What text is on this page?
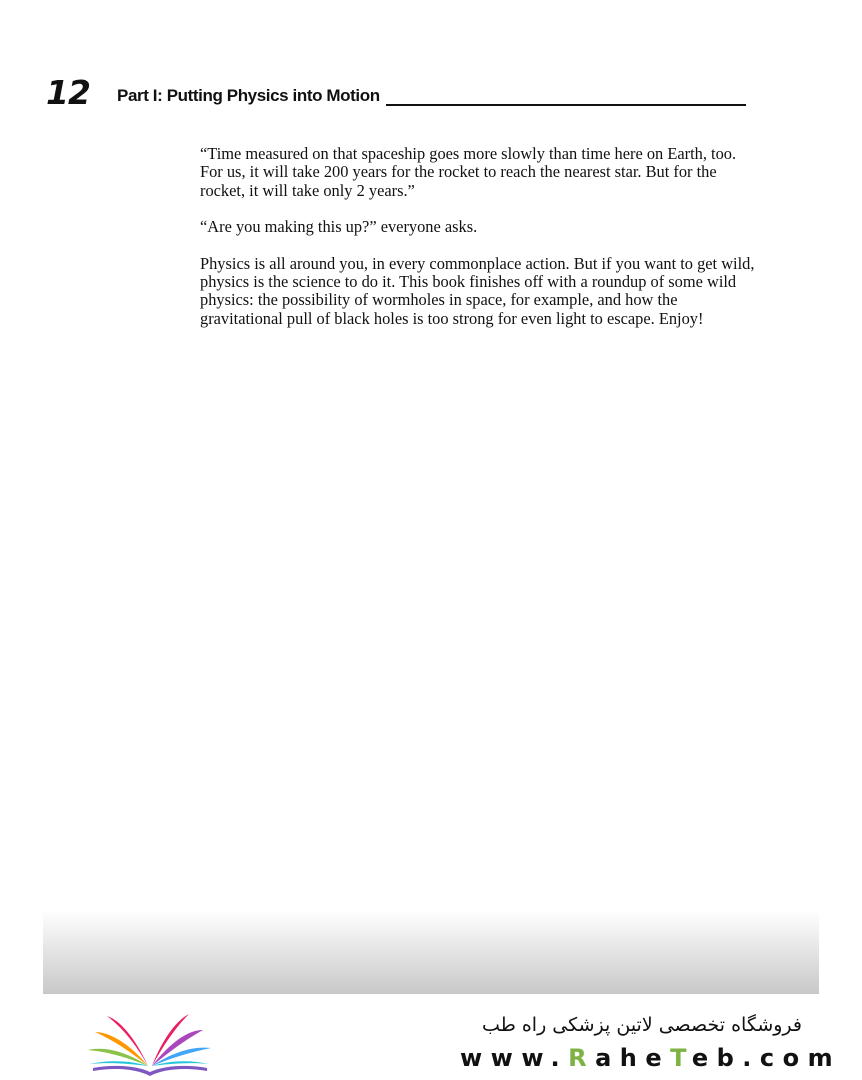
12 Part I: Putting Physics into Motion

“Time measured on that spaceship goes more slowly than time here on Earth, too. For us, it will take 200 years for the rocket to reach the nearest star. But for the rocket, it will take only 2 years.”

“Are you making this up?” everyone asks.

Physics is all around you, in every commonplace action. But if you want to get wild, physics is the science to do it. This book finishes off with a roundup of some wild physics: the possibility of wormholes in space, for example, and how the gravitational pull of black holes is too strong for even light to escape. Enjoy!

فروشگاه تخصصی لاتین پزشکی راه طب
www.RaheTeb.com
